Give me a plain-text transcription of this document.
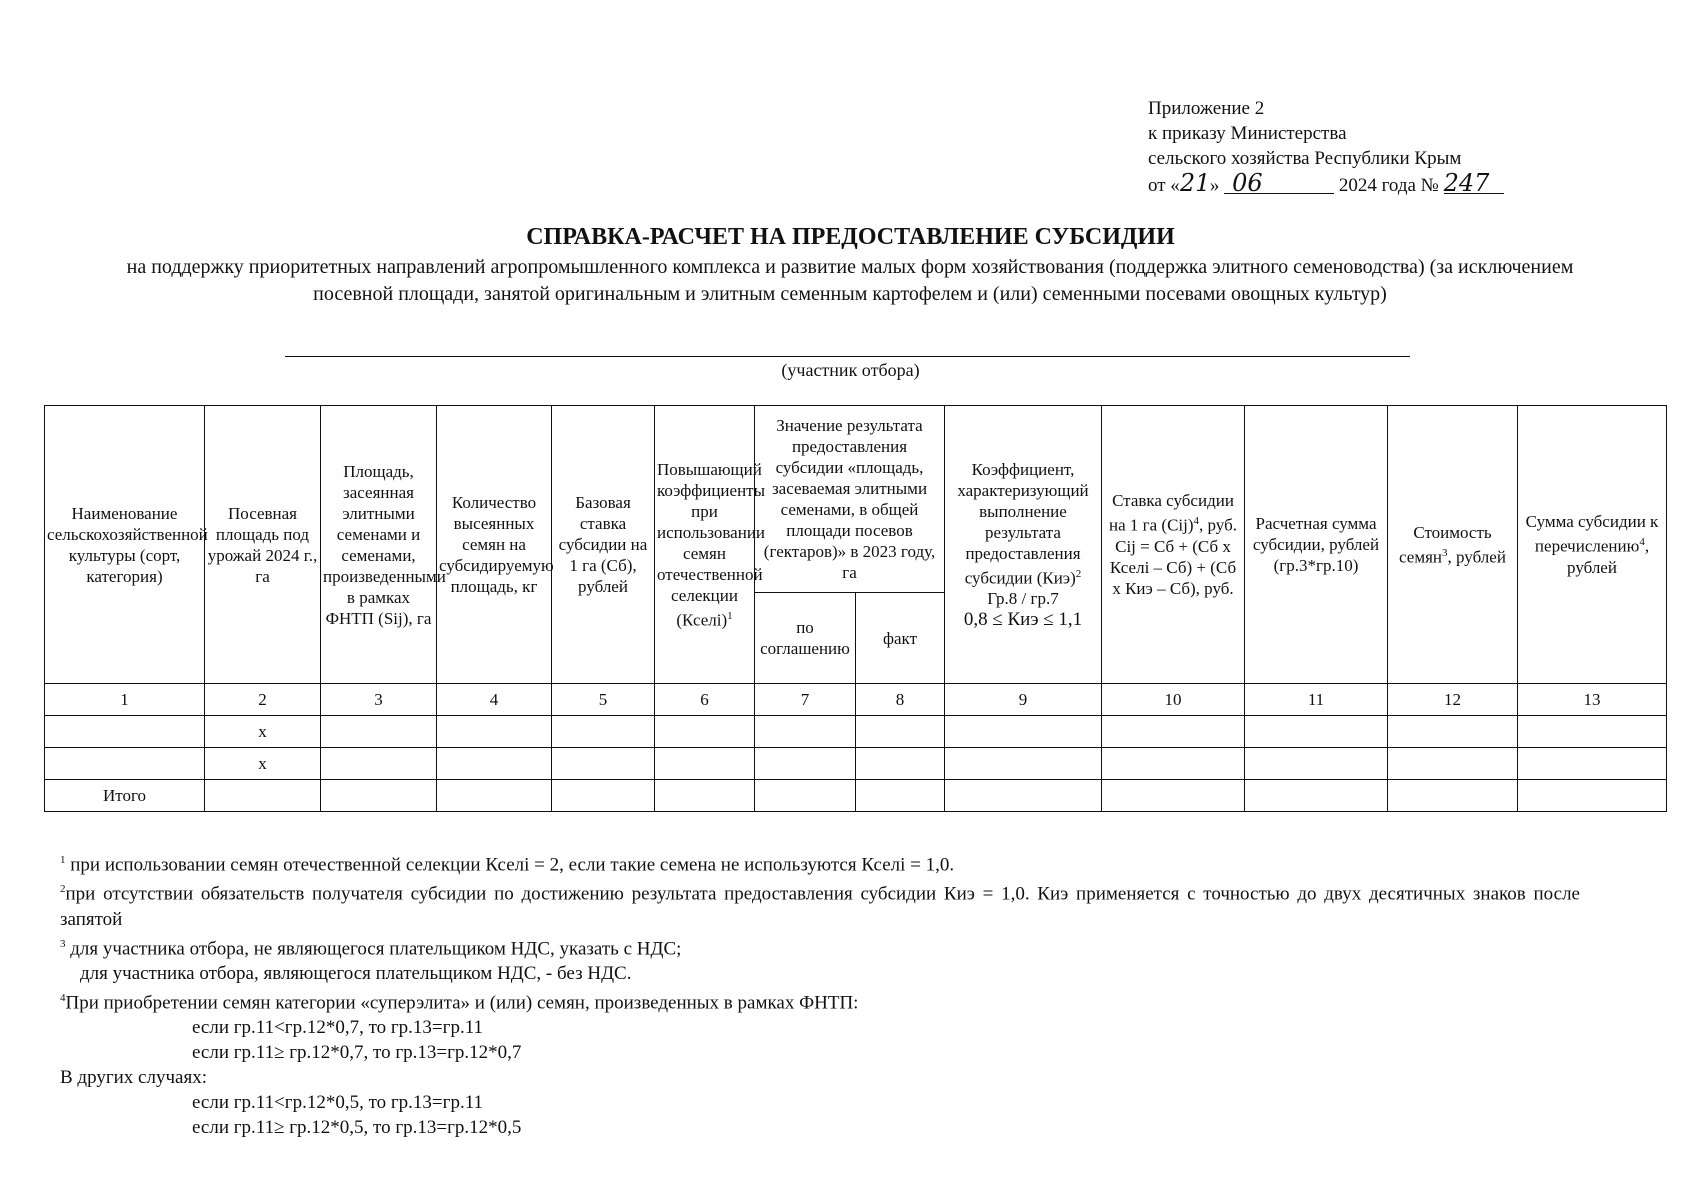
Приложение 2
к приказу Министерства
сельского хозяйства Республики Крым
от «21» 06	2024 года № 247
СПРАВКА-РАСЧЕТ НА ПРЕДОСТАВЛЕНИЕ СУБСИДИИ
на поддержку приоритетных направлений агропромышленного комплекса и развитие малых форм хозяйствования (поддержка элитного семеноводства) (за исключением посевной площади, занятой оригинальным и элитным семенным картофелем и (или) семенными посевами овощных культур)
(участник отбора)
Наименование сельскохозяйственной культуры (сорт, категория)	Посевная площадь под урожай 2024 г., га	Площадь, засеянная элитными семенами и семенами, произведенными в рамках ФНТП (Sij), га	Количество высеянных семян на субсидируемую площадь, кг	Базовая ставка субсидии на 1 га (Сб), рублей	Повышающий коэффициенты при использовании семян отечественной селекции (Кселі)$^1$	Значение результата предоставления субсидии «площадь, засеваемая элитными семенами, в общей площади посевов (гектаров)» в 2023 году, га		Коэффициент, характеризующий выполнение результата предоставления субсидии (Киэ)$^2$
Гр.8 / гр.7
0,8 ≤ Киэ ≤ 1,1	Ставка субсидии на 1 га (Сij)$^4$, руб. Сij = Сб + (Сб х Кселі – Сб) + (Сб х Киэ – Сб), руб.	Расчетная сумма субсидии, рублей (гр.3*гр.10)	Стоимость семян$^3$, рублей	Сумма субсидии к перечислению$^4$, рублей
						по соглашению	факт					
1	2	3	4	5	6	7	8	9	10	11	12	13
	х											
	х											
Итого												
$^1$ при использовании семян отечественной селекции Кселі = 2, если такие семена не используются Кселі = 1,0.
$^2$при отсутствии обязательств получателя субсидии по достижению результата предоставления субсидии Киэ = 1,0. Киэ применяется с точностью до двух десятичных знаков после запятой
$^3$ для участника отбора, не являющегося плательщиком НДС, указать с НДС;
для участника отбора, являющегося плательщиком НДС, - без НДС.
$^4$При приобретении семян категории «суперэлита» и (или) семян, произведенных в рамках ФНТП:
если гр.11<гр.12*0,7, то гр.13=гр.11
если гр.11≥ гр.12*0,7, то гр.13=гр.12*0,7
В других случаях:
если гр.11<гр.12*0,5, то гр.13=гр.11
если гр.11≥ гр.12*0,5, то гр.13=гр.12*0,5
